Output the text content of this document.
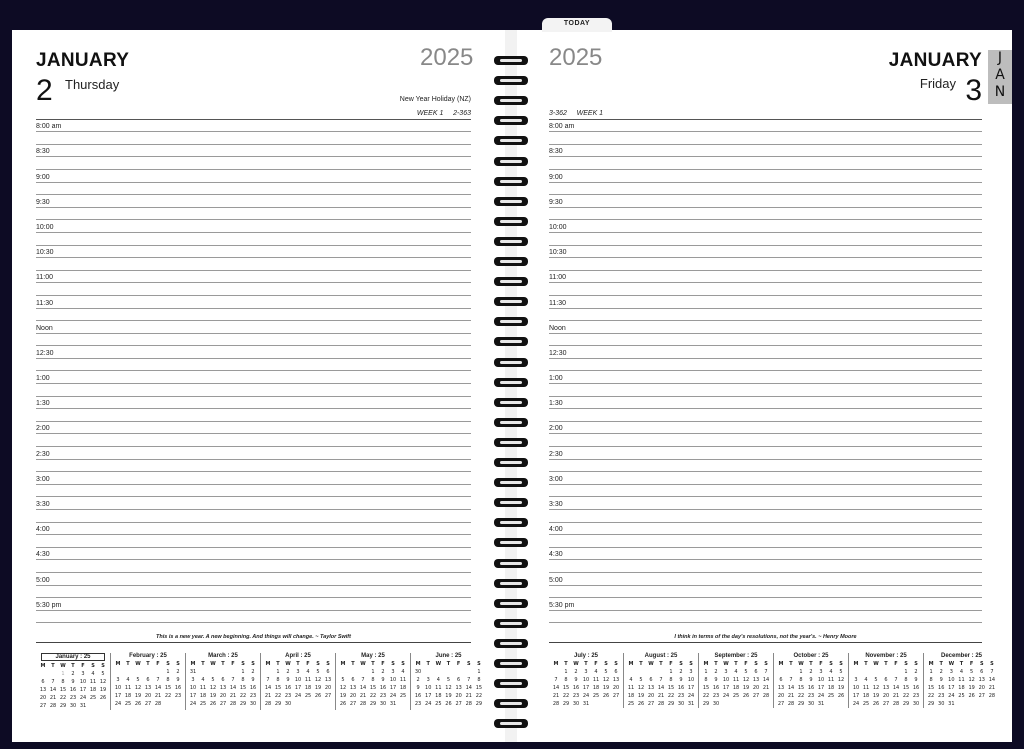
JANUARY	2025
2 Thursday
New Year Holiday (NZ)
WEEK 1     2-363
8:00 am
8:30
9:00
9:30
10:00
10:30
11:00
11:30
Noon
12:30
1:00
1:30
2:00
2:30
3:00
3:30
4:00
4:30
5:00
5:30 pm
This is a new year. A new beginning. And things will change. ~ Taylor Swift
January : 25
M	T	W	T	F	S	S
		1	2	3	4	5
6	7	8	9	10	11	12
13	14	15	16	17	18	19
20	21	22	23	24	25	26
27	28	29	30	31		
February : 25
M	T	W	T	F	S	S
					1	2
3	4	5	6	7	8	9
10	11	12	13	14	15	16
17	18	19	20	21	22	23
24	25	26	27	28		
March : 25
M	T	W	T	F	S	S
31					1	2
3	4	5	6	7	8	9
10	11	12	13	14	15	16
17	18	19	20	21	22	23
24	25	26	27	28	29	30
April : 25
M	T	W	T	F	S	S
	1	2	3	4	5	6
7	8	9	10	11	12	13
14	15	16	17	18	19	20
21	22	23	24	25	26	27
28	29	30				
May : 25
M	T	W	T	F	S	S
			1	2	3	4
5	6	7	8	9	10	11
12	13	14	15	16	17	18
19	20	21	22	23	24	25
26	27	28	29	30	31	
June : 25
M	T	W	T	F	S	S
30						1
2	3	4	5	6	7	8
9	10	11	12	13	14	15
16	17	18	19	20	21	22
23	24	25	26	27	28	29
2025	JANUARY
Friday 3
3-362     WEEK 1
8:00 am
8:30
9:00
9:30
10:00
10:30
11:00
11:30
Noon
12:30
1:00
1:30
2:00
2:30
3:00
3:30
4:00
4:30
5:00
5:30 pm
I think in terms of the day's resolutions, not the year's. ~ Henry Moore
July : 25
M	T	W	T	F	S	S
	1	2	3	4	5	6
7	8	9	10	11	12	13
14	15	16	17	18	19	20
21	22	23	24	25	26	27
28	29	30	31			
August : 25
M	T	W	T	F	S	S
				1	2	3
4	5	6	7	8	9	10
11	12	13	14	15	16	17
18	19	20	21	22	23	24
25	26	27	28	29	30	31
September : 25
M	T	W	T	F	S	S
1	2	3	4	5	6	7
8	9	10	11	12	13	14
15	16	17	18	19	20	21
22	23	24	25	26	27	28
29	30					
October : 25
M	T	W	T	F	S	S
		1	2	3	4	5
6	7	8	9	10	11	12
13	14	15	16	17	18	19
20	21	22	23	24	25	26
27	28	29	30	31		
November : 25
M	T	W	T	F	S	S
					1	2
3	4	5	6	7	8	9
10	11	12	13	14	15	16
17	18	19	20	21	22	23
24	25	26	27	28	29	30
December : 25
M	T	W	T	F	S	S
1	2	3	4	5	6	7
8	9	10	11	12	13	14
15	16	17	18	19	20	21
22	23	24	25	26	27	28
29	30	31				
TODAY
J
A
N
